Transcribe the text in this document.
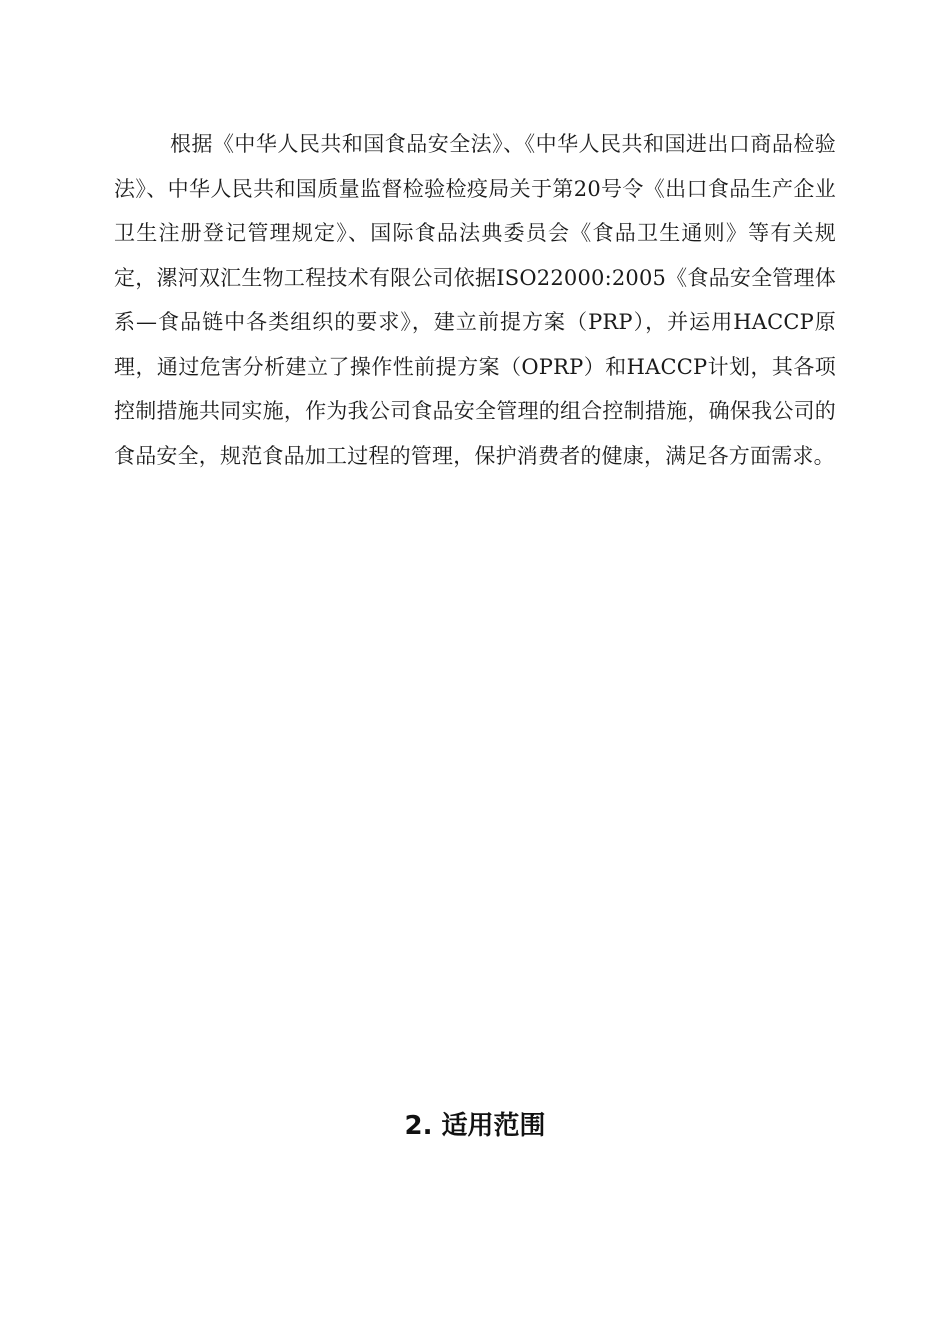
根据《中华人民共和国食品安全法》、《中华人民共和国进出口商品检验法》、中华人民共和国质量监督检验检疫局关于第20号令《出口食品生产企业卫生注册登记管理规定》、国际食品法典委员会《食品卫生通则》等有关规定，漯河双汇生物工程技术有限公司依据ISO22000:2005《食品安全管理体系—食品链中各类组织的要求》，建立前提方案（PRP），并运用HACCP原理，通过危害分析建立了操作性前提方案（OPRP）和HACCP计划，其各项控制措施共同实施，作为我公司食品安全管理的组合控制措施，确保我公司的食品安全，规范食品加工过程的管理，保护消费者的健康，满足各方面需求。

2. 适用范围
